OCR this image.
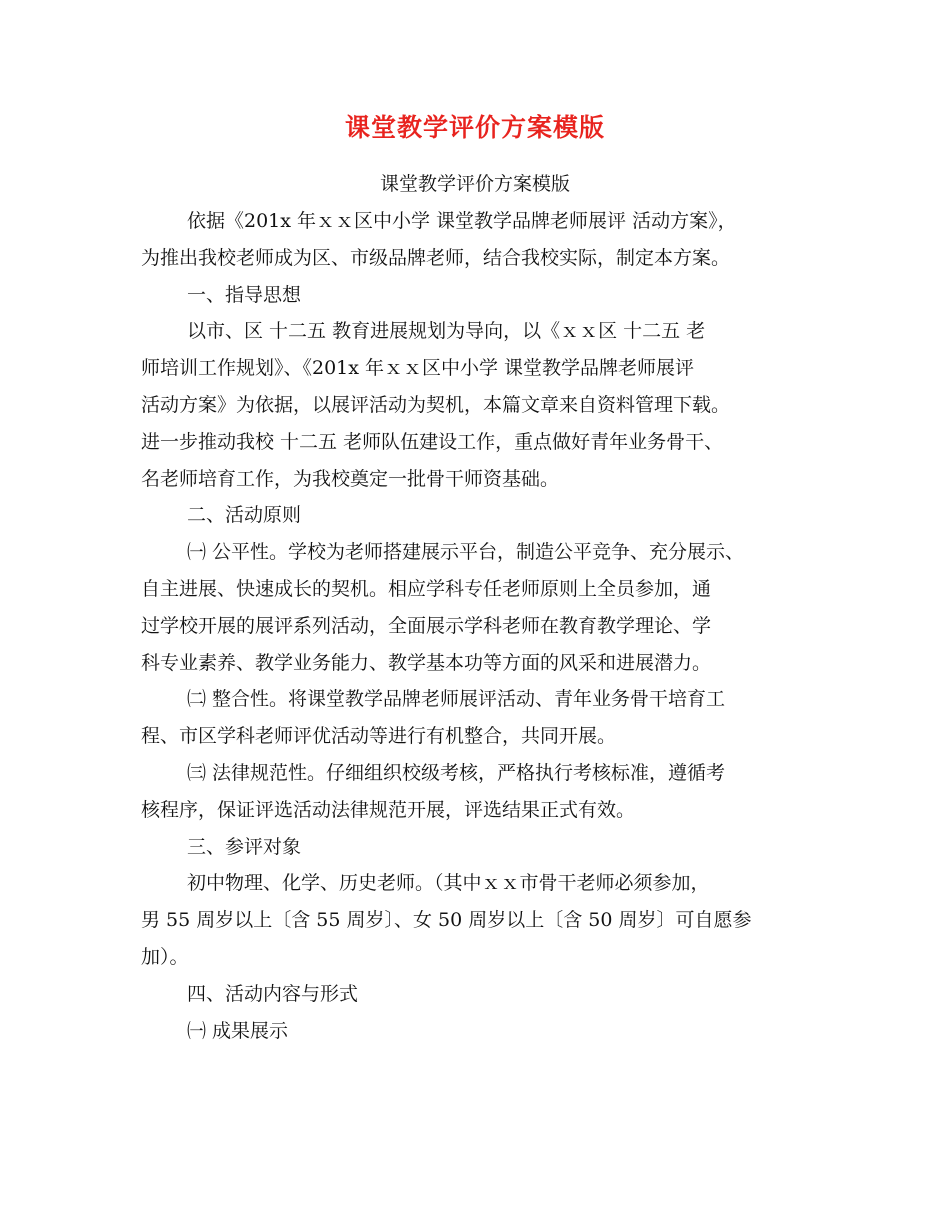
课堂教学评价方案模版
课堂教学评价方案模版
依据《201x 年ｘｘ区中小学 课堂教学品牌老师展评 活动方案》，
为推出我校老师成为区、市级品牌老师，结合我校实际，制定本方案。
一、指导思想
以市、区 十二五 教育进展规划为导向，以《ｘｘ区 十二五 老
师培训工作规划》、《201x 年ｘｘ区中小学 课堂教学品牌老师展评
活动方案》为依据，以展评活动为契机，本篇文章来自资料管理下载。
进一步推动我校 十二五 老师队伍建设工作，重点做好青年业务骨干、
名老师培育工作，为我校奠定一批骨干师资基础。
二、活动原则
㈠ 公平性。学校为老师搭建展示平台，制造公平竞争、充分展示、
自主进展、快速成长的契机。相应学科专任老师原则上全员参加，通
过学校开展的展评系列活动，全面展示学科老师在教育教学理论、学
科专业素养、教学业务能力、教学基本功等方面的风采和进展潜力。
㈡ 整合性。将课堂教学品牌老师展评活动、青年业务骨干培育工
程、市区学科老师评优活动等进行有机整合，共同开展。
㈢ 法律规范性。仔细组织校级考核，严格执行考核标准，遵循考
核程序，保证评选活动法律规范开展，评选结果正式有效。
三、参评对象
初中物理、化学、历史老师。（其中ｘｘ市骨干老师必须参加，
男 55 周岁以上〔含 55 周岁〕、女 50 周岁以上〔含 50 周岁〕可自愿参
加）。
四、活动内容与形式
㈠ 成果展示
